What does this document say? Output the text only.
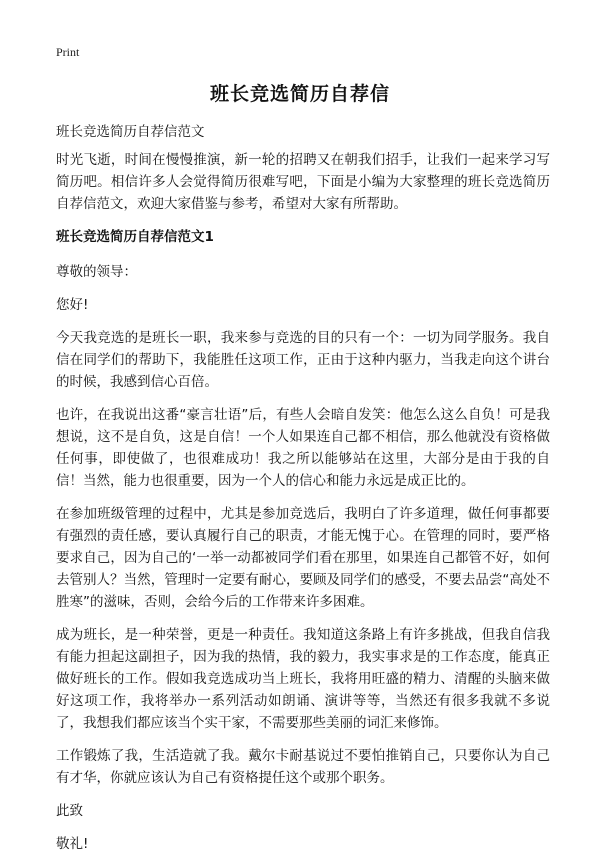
Print
班长竞选简历自荐信

班长竞选简历自荐信范文

时光飞逝，时间在慢慢推演，新一轮的招聘又在朝我们招手，让我们一起来学习写简历吧。相信许多人会觉得简历很难写吧，下面是小编为大家整理的班长竞选简历自荐信范文，欢迎大家借鉴与参考，希望对大家有所帮助。

班长竞选简历自荐信范文1

尊敬的领导：

您好!

今天我竞选的是班长一职，我来参与竞选的目的只有一个：一切为同学服务。我自信在同学们的帮助下，我能胜任这项工作，正由于这种内驱力，当我走向这个讲台的时候，我感到信心百倍。

也许，在我说出这番“豪言壮语”后，有些人会暗自发笑：他怎么这么自负！可是我想说，这不是自负，这是自信！一个人如果连自己都不相信，那么他就没有资格做任何事，即使做了，也很难成功！我之所以能够站在这里，大部分是由于我的自信！当然，能力也很重要，因为一个人的信心和能力永远是成正比的。

在参加班级管理的过程中，尤其是参加竞选后，我明白了许多道理，做任何事都要有强烈的责任感，要认真履行自己的职责，才能无愧于心。在管理的同时，要严格要求自己，因为自己的‘一举一动都被同学们看在那里，如果连自己都管不好，如何去管别人？当然，管理时一定要有耐心，要顾及同学们的感受，不要去品尝“高处不胜寒”的滋味，否则，会给今后的工作带来许多困难。

成为班长，是一种荣誉，更是一种责任。我知道这条路上有许多挑战，但我自信我有能力担起这副担子，因为我的热情，我的毅力，我实事求是的工作态度，能真正做好班长的工作。假如我竞选成功当上班长，我将用旺盛的精力、清醒的头脑来做好这项工作，我将举办一系列活动如朗诵、演讲等等，当然还有很多我就不多说了，我想我们都应该当个实干家，不需要那些美丽的词汇来修饰。

工作锻炼了我，生活造就了我。戴尔卡耐基说过不要怕推销自己，只要你认为自己有才华，你就应该认为自己有资格提任这个或那个职务。

此致

敬礼!
